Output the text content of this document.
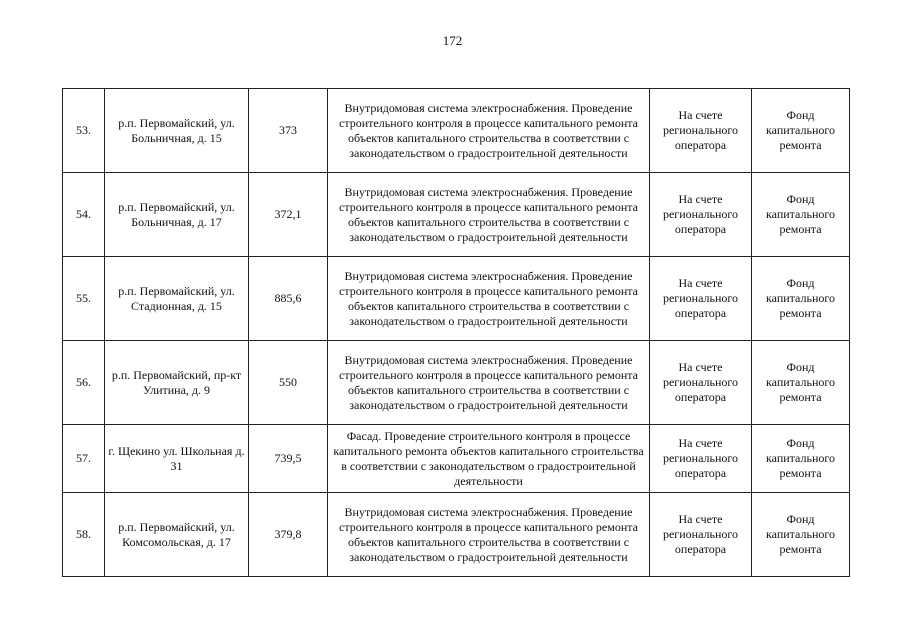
172
53.	р.п. Первомайский, ул. Больничная, д. 15	373	Внутридомовая система электроснабжения. Проведение строительного контроля в процессе капитального ремонта объектов капитального строительства в соответствии с законодательством о градостроительной деятельности	На счете регионального оператора	Фонд капитального ремонта
54.	р.п. Первомайский, ул. Больничная, д. 17	372,1	Внутридомовая система электроснабжения. Проведение строительного контроля в процессе капитального ремонта объектов капитального строительства в соответствии с законодательством о градостроительной деятельности	На счете регионального оператора	Фонд капитального ремонта
55.	р.п. Первомайский, ул. Стадионная, д. 15	885,6	Внутридомовая система электроснабжения. Проведение строительного контроля в процессе капитального ремонта объектов капитального строительства в соответствии с законодательством о градостроительной деятельности	На счете регионального оператора	Фонд капитального ремонта
56.	р.п. Первомайский, пр-кт Улитина, д. 9	550	Внутридомовая система электроснабжения. Проведение строительного контроля в процессе капитального ремонта объектов капитального строительства в соответствии с законодательством о градостроительной деятельности	На счете регионального оператора	Фонд капитального ремонта
57.	г. Щекино ул. Школьная д. 31	739,5	Фасад. Проведение строительного контроля в процессе капитального ремонта объектов капитального строительства в соответствии с законодательством о градостроительной деятельности	На счете регионального оператора	Фонд капитального ремонта
58.	р.п. Первомайский, ул. Комсомольская, д. 17	379,8	Внутридомовая система электроснабжения. Проведение строительного контроля в процессе капитального ремонта объектов капитального строительства в соответствии с законодательством о градостроительной деятельности	На счете регионального оператора	Фонд капитального ремонта
